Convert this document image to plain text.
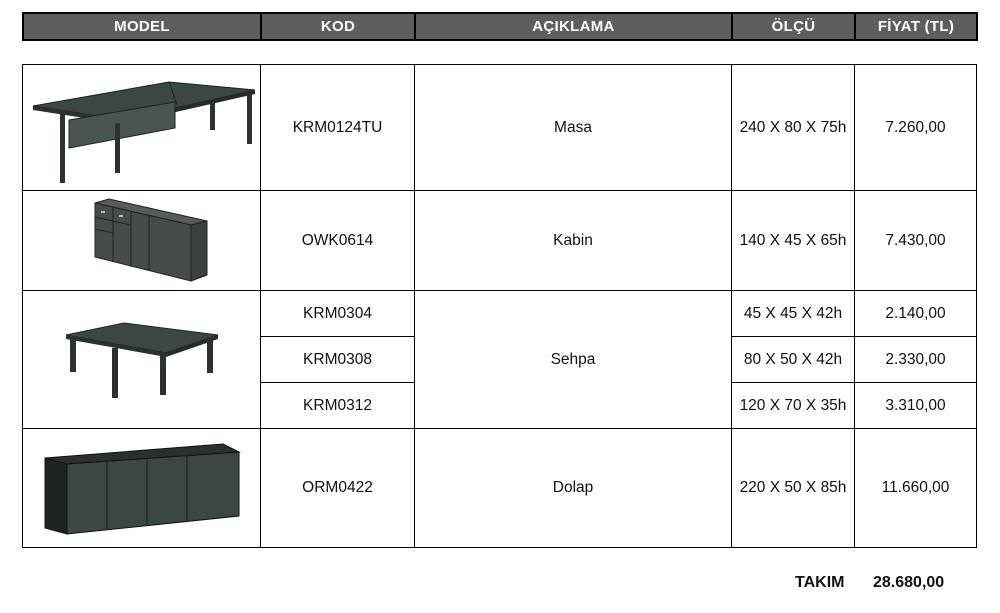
MODEL	KOD	AÇIKLAMA	ÖLÇÜ	FİYAT (TL)
	KRM0124TU	Masa	240 X 80 X 75h	7.260,00

	OWK0614	Kabin	140 X 45 X 65h	7.430,00

	KRM0304	Sehpa	45 X 45 X 42h	2.140,00
	KRM0308		80 X 50 X 42h	2.330,00
	KRM0312		120 X 70 X 35h	3.310,00

	ORM0422	Dolap	220 X 50 X 85h	11.660,00
TAKIM 28.680,00
